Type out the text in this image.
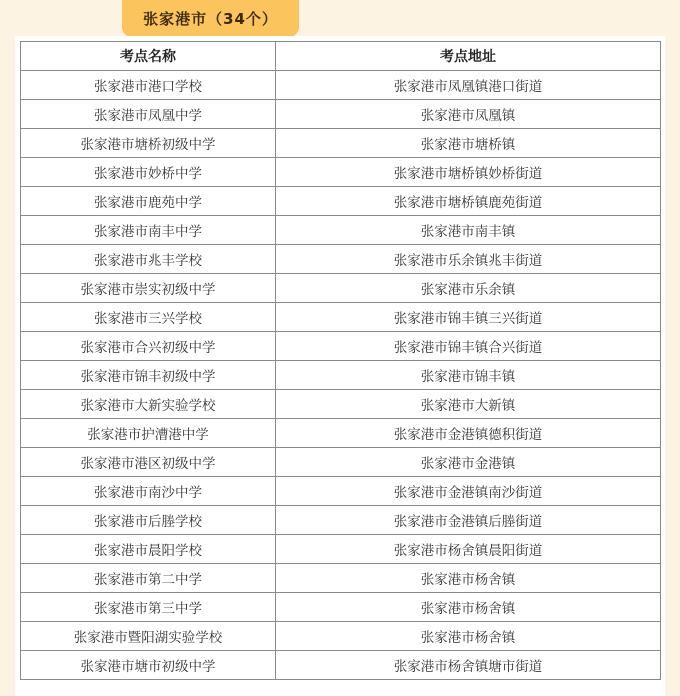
张家港市（34个）
考点名称	考点地址
张家港市港口学校	张家港市凤凰镇港口街道
张家港市凤凰中学	张家港市凤凰镇
张家港市塘桥初级中学	张家港市塘桥镇
张家港市妙桥中学	张家港市塘桥镇妙桥街道
张家港市鹿苑中学	张家港市塘桥镇鹿苑街道
张家港市南丰中学	张家港市南丰镇
张家港市兆丰学校	张家港市乐余镇兆丰街道
张家港市崇实初级中学	张家港市乐余镇
张家港市三兴学校	张家港市锦丰镇三兴街道
张家港市合兴初级中学	张家港市锦丰镇合兴街道
张家港市锦丰初级中学	张家港市锦丰镇
张家港市大新实验学校	张家港市大新镇
张家港市护漕港中学	张家港市金港镇德积街道
张家港市港区初级中学	张家港市金港镇
张家港市南沙中学	张家港市金港镇南沙街道
张家港市后塍学校	张家港市金港镇后塍街道
张家港市晨阳学校	张家港市杨舍镇晨阳街道
张家港市第二中学	张家港市杨舍镇
张家港市第三中学	张家港市杨舍镇
张家港市暨阳湖实验学校	张家港市杨舍镇
张家港市塘市初级中学	张家港市杨舍镇塘市街道
